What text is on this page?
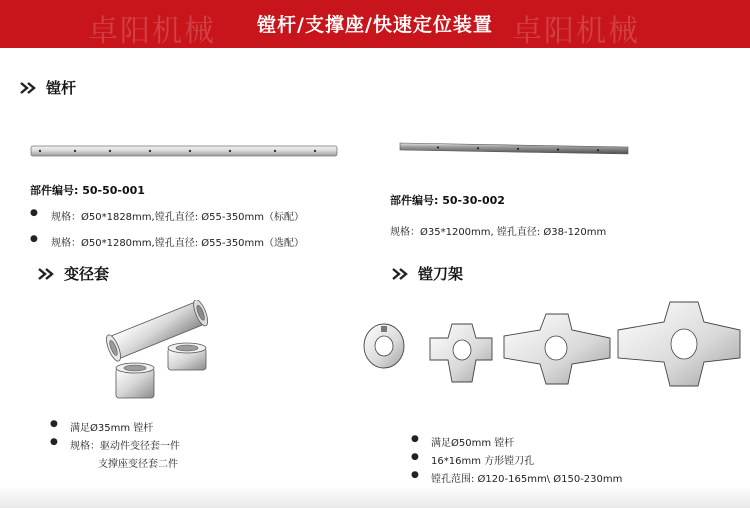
卓阳机械	卓阳机械
镗杆/支撑座/快速定位装置
镗杆
部件编号: 50-50-001
● 规格：Ø50*1828mm,镗孔直径: Ø55-350mm（标配）
● 规格：Ø50*1280mm,镗孔直径: Ø55-350mm（选配）
部件编号: 50-30-002
规格：Ø35*1200mm, 镗孔直径: Ø38-120mm
变径套
● 满足Ø35mm 镗杆
● 规格：驱动件变径套一件
支撑座变径套二件
镗刀架
● 满足Ø50mm 镗杆
● 16*16mm 方形镗刀孔
● 镗孔范围: Ø120-165mm\ Ø150-230mm
